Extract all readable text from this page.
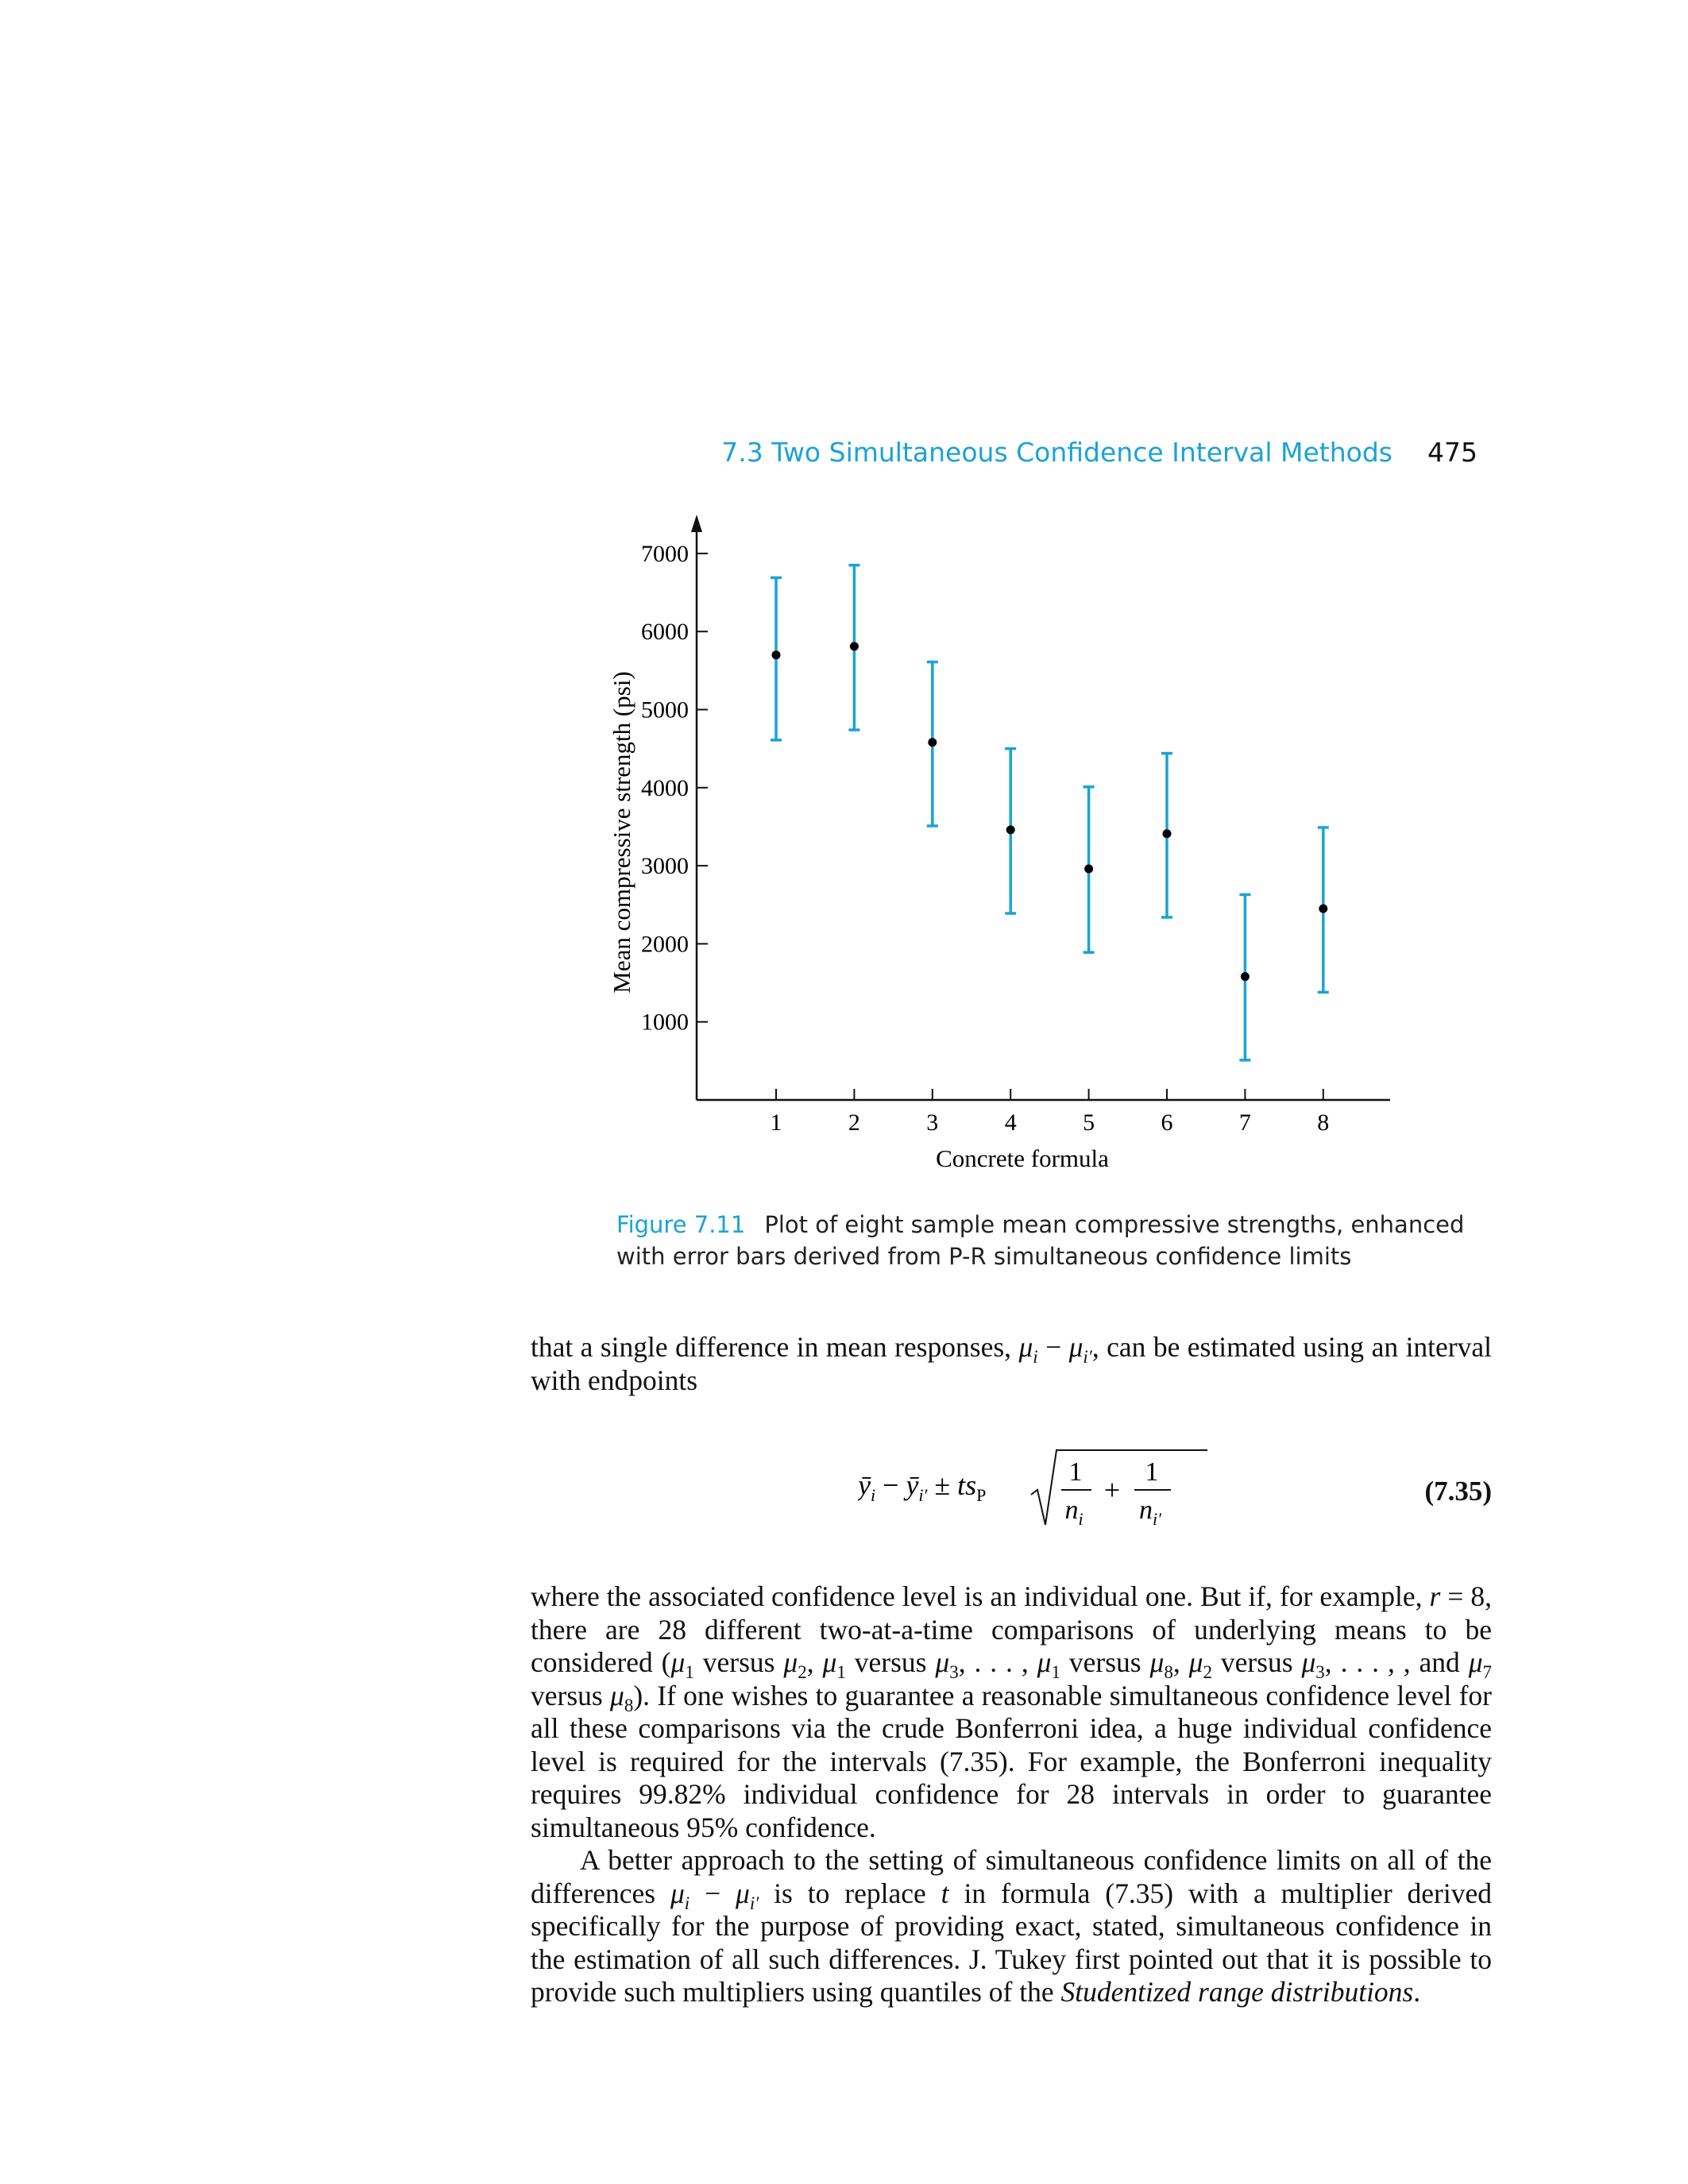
7.3 Two Simultaneous Confidence Interval Methods 475
1000
2000
3000
4000
5000
6000
7000
1	2	3	4	5	6	7	8
Concrete formula
Mean compressive strength (psi)
Figure 7.11 Plot of eight sample mean compressive strengths, enhanced with error bars derived from P-R simultaneous confidence limits

that a single difference in mean responses, $\mu_i - \mu_{i'}$, can be estimated using an interval with endpoints

$ȳ_i$ − $ȳ_{i'} \pm ts_P$
1
$n_i$
+
1
$n_{i'}$
(7.35)

where the associated confidence level is an individual one. But if, for example, r = 8, there are 28 different two-at-a-time comparisons of underlying means to be considered ($\mu_1$ versus $\mu_2$, $\mu_1$ versus $\mu_3$, . . . , $\mu_1$ versus $\mu_8$, $\mu_2$ versus $\mu_3$, . . . , , and $\mu_7$ versus $\mu_8$). If one wishes to guarantee a reasonable simultaneous confidence level for all these comparisons via the crude Bonferroni idea, a huge individual confidence level is required for the intervals (7.35). For example, the Bonferroni inequality requires 99.82% individual confidence for 28 intervals in order to guarantee simultaneous 95% confidence.

A better approach to the setting of simultaneous confidence limits on all of the differences $\mu_i - \mu_{i'}$ is to replace t in formula (7.35) with a multiplier derived specifically for the purpose of providing exact, stated, simultaneous confidence in the estimation of all such differences. J. Tukey first pointed out that it is possible to provide such multipliers using quantiles of the Studentized range distributions.
